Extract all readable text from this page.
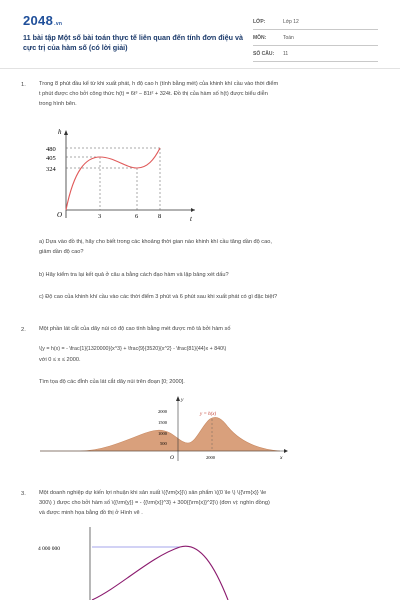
2048.vn
11 bài tập Một số bài toán thực tế liên quan đến tính đơn điệu và cực trị của hàm số (có lời giải)
LỚP:	Lớp 12
MÔN:	Toán
SỐ CÂU:	11
1. Trong 8 phút đầu kể từ khi xuất phát, h độ cao h (tính bằng mét) của khinh khí cầu vào thời điểm
t phút được cho bởi công thức h(t) = 6t³ − 81t² + 324t. Đồ thị của hàm số h(t) được biểu diễn
trong hình bên.
h
t
O
480
405
324
3	6	8
a) Dựa vào đồ thị, hãy cho biết trong các khoảng thời gian nào khinh khí cầu tăng dần độ cao,
giảm dần độ cao?
b) Hãy kiểm tra lại kết quả ở câu a bằng cách đạo hàm và lập bảng xét dấu?
c) Độ cao của khinh khí cầu vào các thời điểm 3 phút và 6 phút sau khi xuất phát có gì đặc biệt?
2. Một phần lát cắt của dãy núi có độ cao tính bằng mét được mô tả bởi hàm số
\(y = h(x) = - \frac{1}{1320000}{x^3} + \frac{9}{3520}{x^2} - \frac{81}{44}x + 840\)
với 0 ≤ x ≤ 2000.
Tìm tọa độ các đỉnh của lát cắt dãy núi trên đoạn [0; 2000].
y
x
O
y = h(x)
2000
1500
1000
500
2000
3. Một doanh nghiệp dự kiến lợi nhuận khi sản xuất \({\rm{x}}\) sản phẩm \((0 \le \) \({\rm{x}} \le
300\) ) được cho bởi hàm số \({\rm{y}} = - {{\rm{x}}^3} + 300{{\rm{x}}^2}\) (đơn vị: nghìn đồng)
và được minh họa bằng đồ thị ở Hình vẽ .
4 000 000
